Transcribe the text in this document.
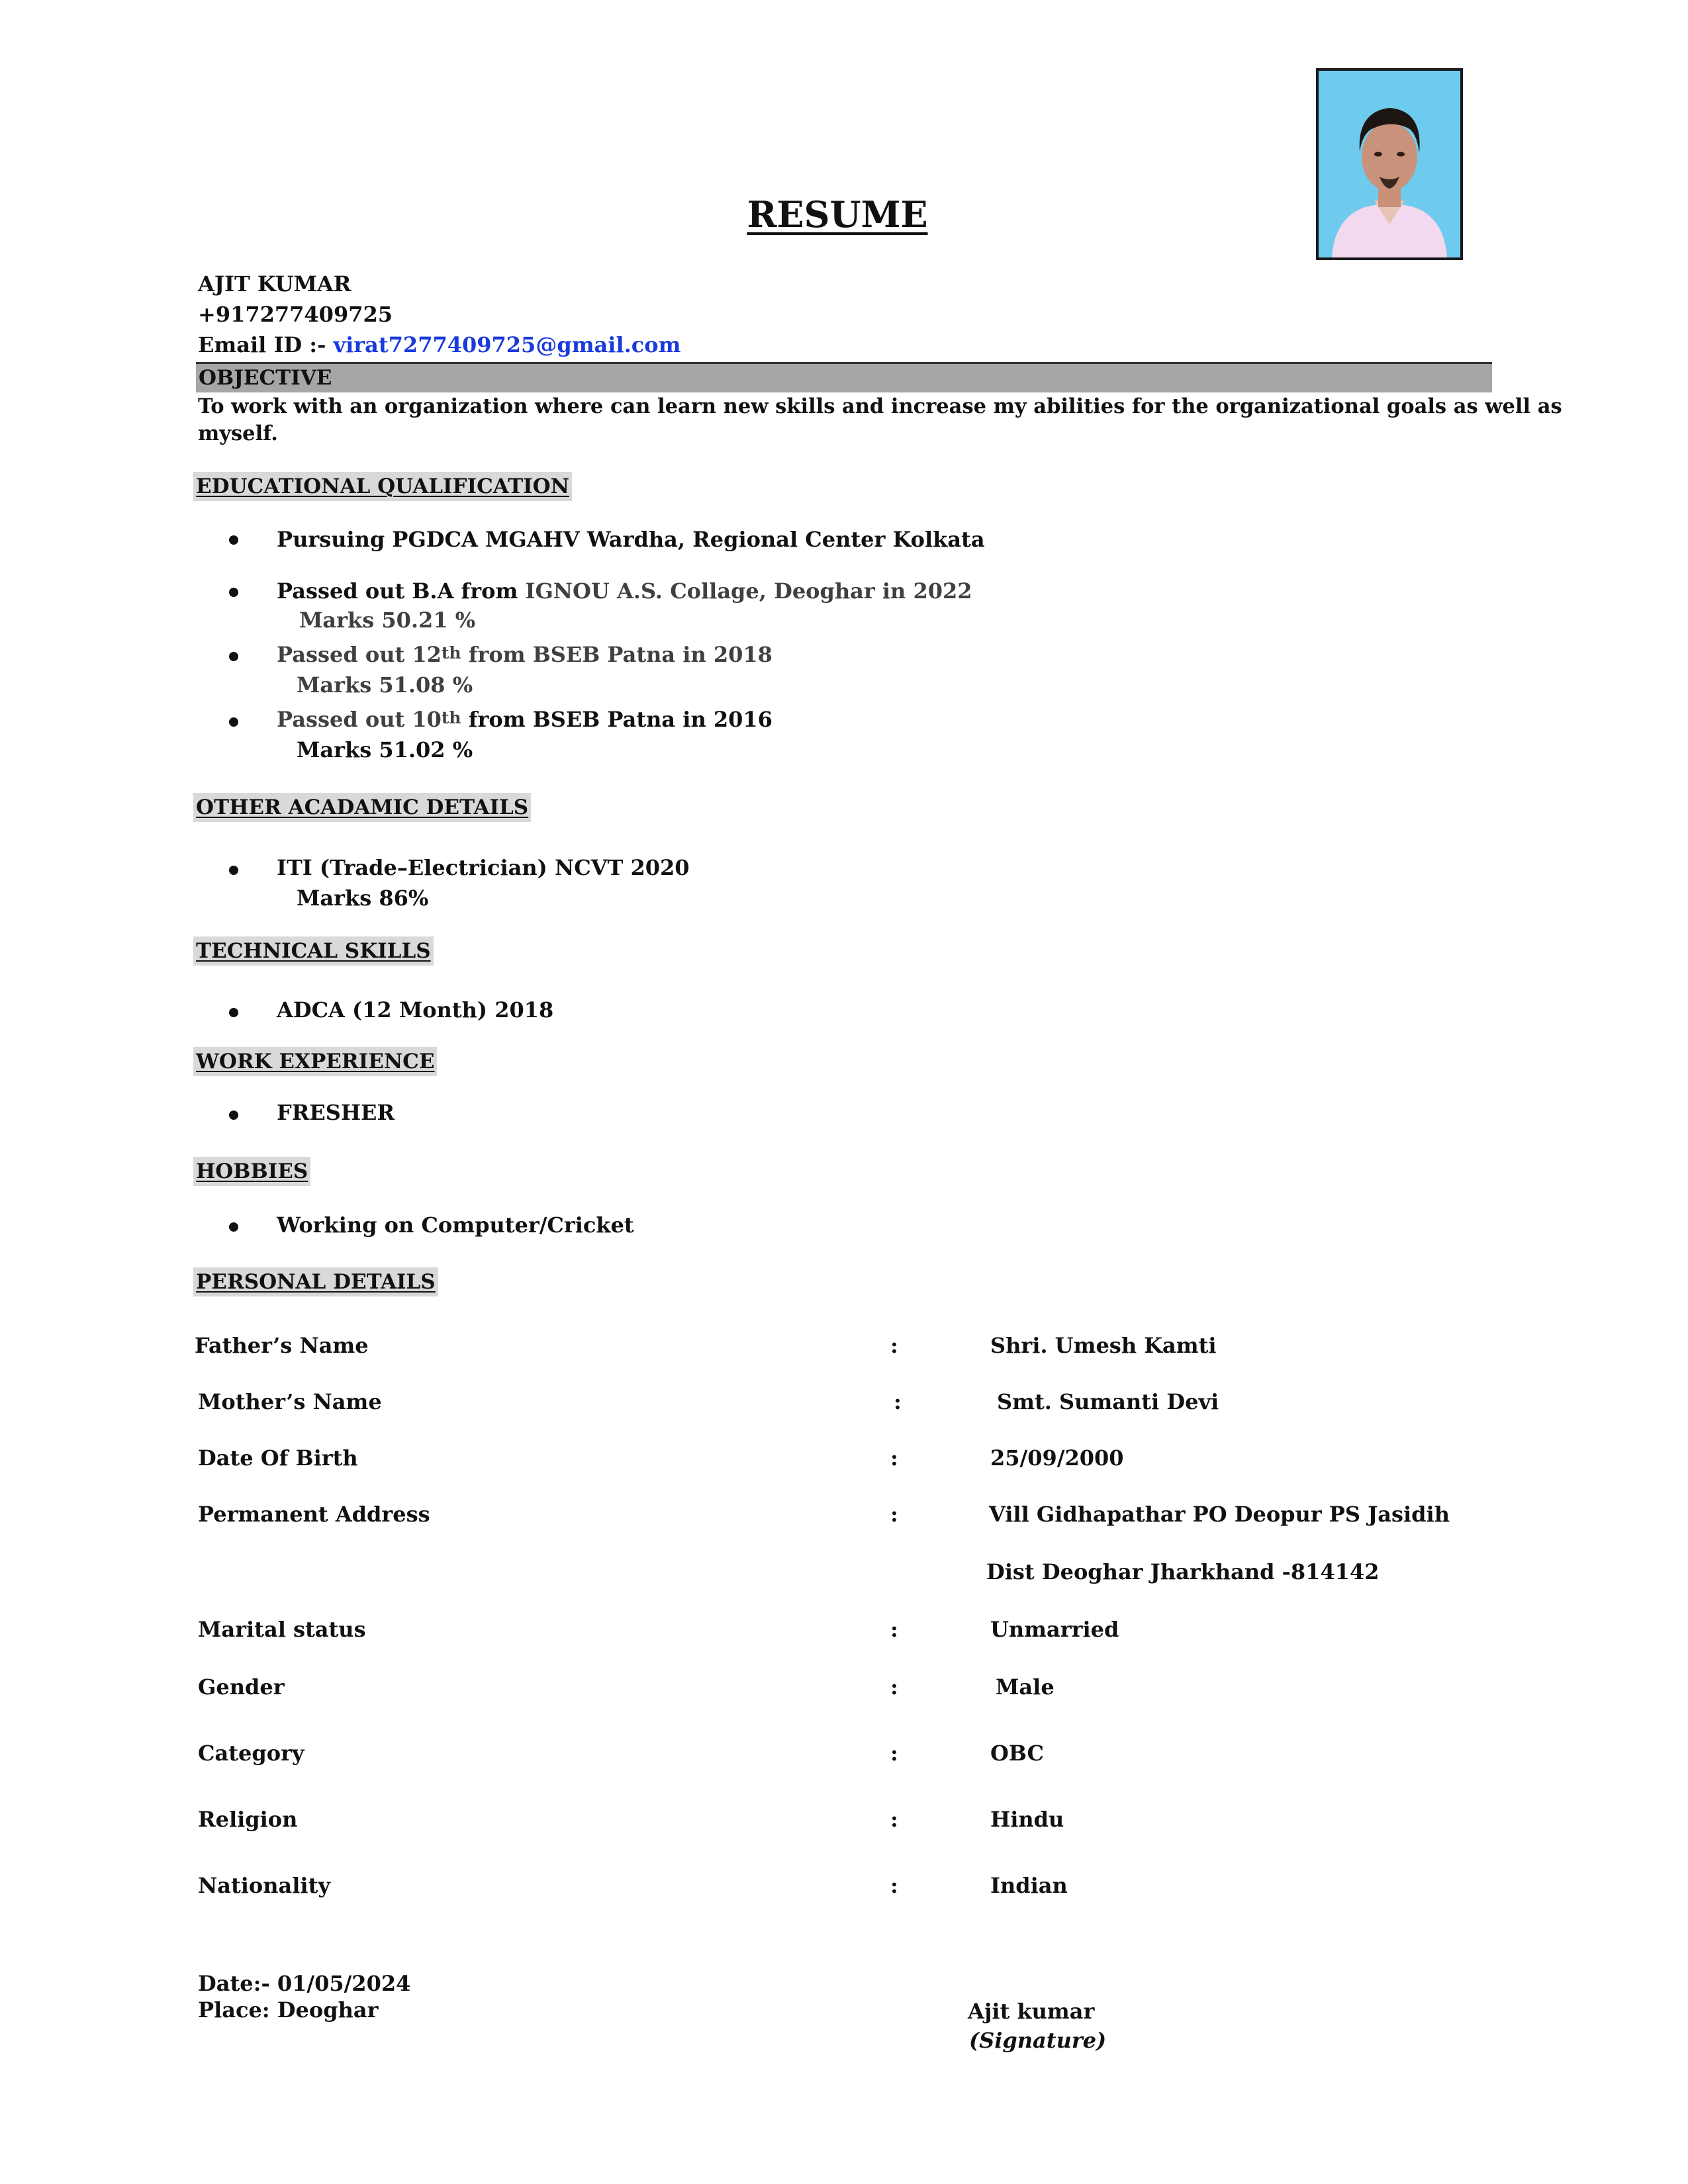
RESUME
AJIT KUMAR
+917277409725
Email ID :- virat7277409725@gmail.com
OBJECTIVE
To work with an organization where can learn new skills and increase my abilities for the organizational goals as well as
myself.
EDUCATIONAL QUALIFICATION
Pursuing PGDCA MGAHV Wardha, Regional Center Kolkata
Passed out B.A from IGNOU A.S. Collage, Deoghar in 2022
Marks 50.21 %
Passed out 12th from BSEB Patna in 2018
Marks 51.08 %
Passed out 10th from BSEB Patna in 2016
Marks 51.02 %
OTHER ACADAMIC DETAILS
ITI (Trade–Electrician) NCVT 2020
Marks 86%
TECHNICAL SKILLS
ADCA (12 Month) 2018
WORK EXPERIENCE
FRESHER
HOBBIES
Working on Computer/Cricket
PERSONAL DETAILS
Father’s Name	:	Shri. Umesh Kamti
Mother’s Name	:	Smt. Sumanti Devi
Date Of Birth	:	25/09/2000
Permanent Address	:	Vill Gidhapathar PO Deopur PS Jasidih
Dist Deoghar Jharkhand -814142
Marital status	:	Unmarried
Gender	:	Male
Category	:	OBC
Religion	:	Hindu
Nationality	:	Indian
Date:- 01/05/2024
Place: Deoghar	Ajit kumar
(Signature)
